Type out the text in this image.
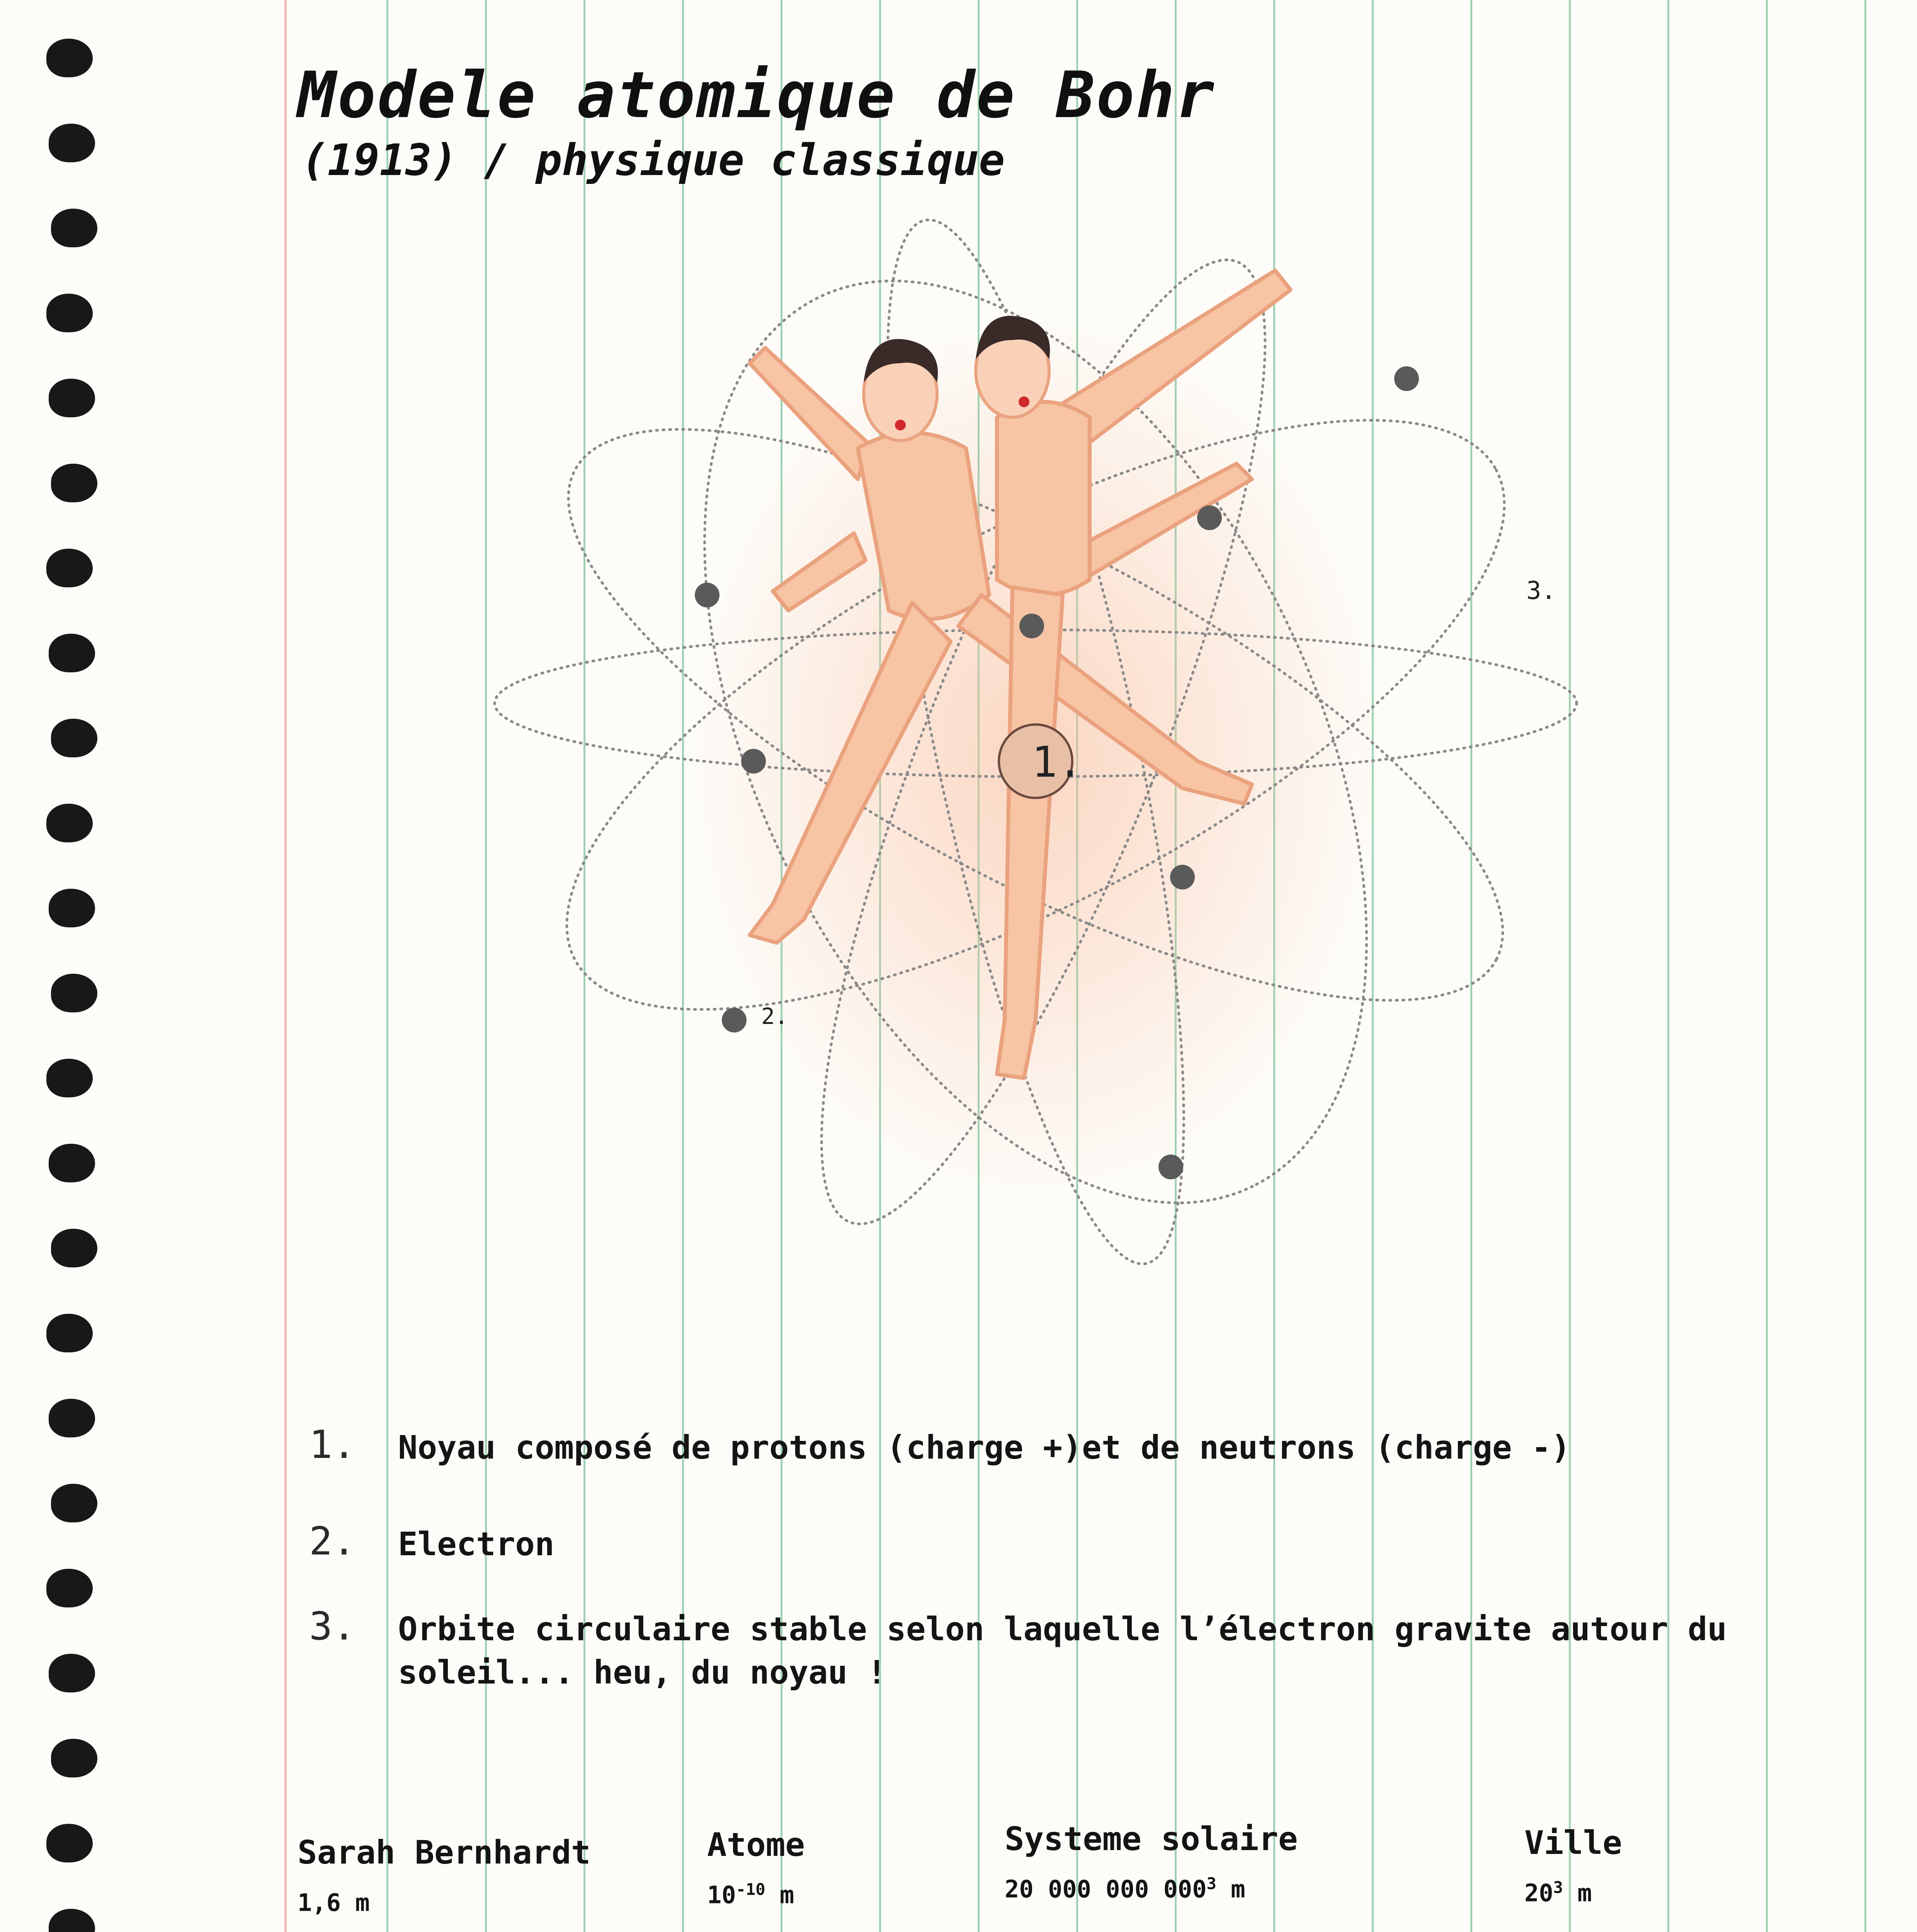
Modele atomique de Bohr
(1913) / physique classique
1.
2.
3.
1. Noyau composé de protons (charge +)et de neutrons (charge -)
2. Electron
3. Orbite circulaire stable selon laquelle l’électron gravite autour du soleil... heu, du noyau !
Sarah Bernhardt
1,6 m
Atome
$10^{-10}$ m
Systeme solaire
20 000 000 $000^3$ m
Ville
$20^3$ m
